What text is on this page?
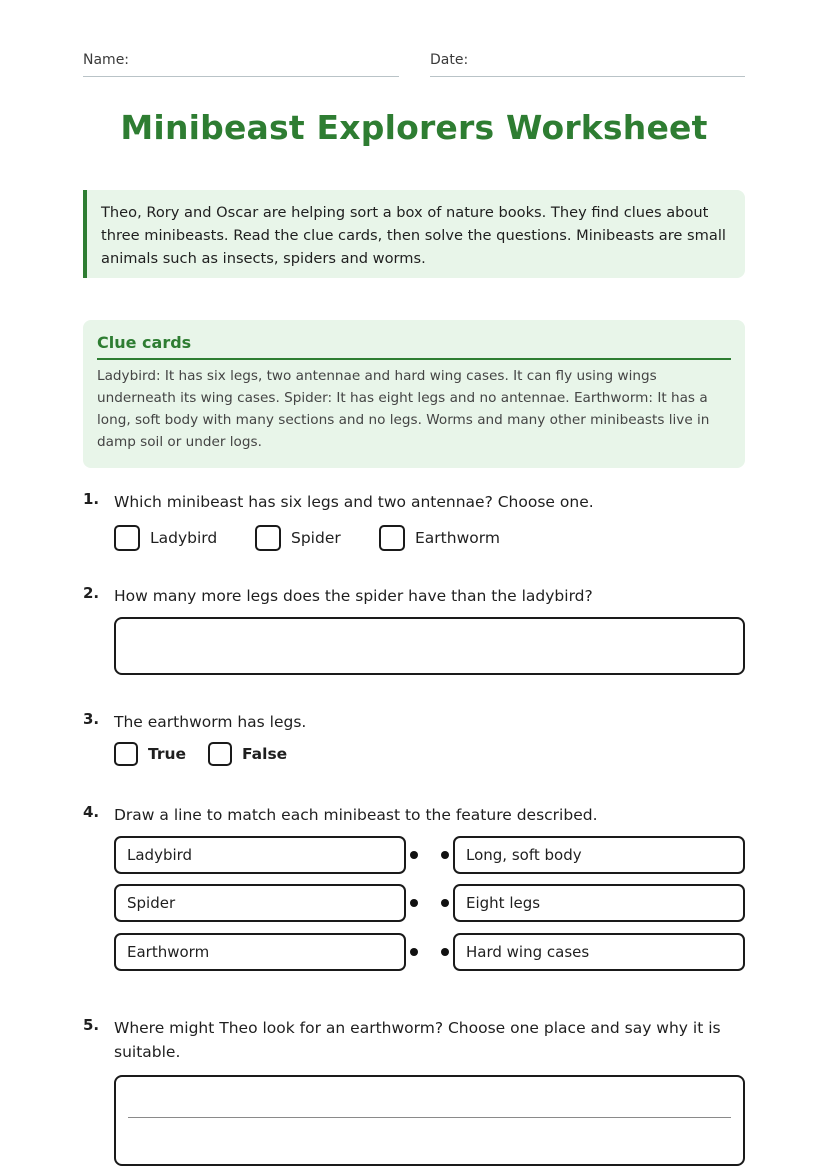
Name:	Date:
Minibeast Explorers Worksheet
Theo, Rory and Oscar are helping sort a box of nature books. They find clues about three minibeasts. Read the clue cards, then solve the questions. Minibeasts are small animals such as insects, spiders and worms.
Clue cards
Ladybird: It has six legs, two antennae and hard wing cases. It can fly using wings underneath its wing cases. Spider: It has eight legs and no antennae. Earthworm: It has a long, soft body with many sections and no legs. Worms and many other minibeasts live in damp soil or under logs.
1. Which minibeast has six legs and two antennae? Choose one.
Ladybird	Spider	Earthworm
2. How many more legs does the spider have than the ladybird?
3. The earthworm has legs.
True	False
4. Draw a line to match each minibeast to the feature described.
Ladybird
Spider
Earthworm
Long, soft body
Eight legs
Hard wing cases
5. Where might Theo look for an earthworm? Choose one place and say why it is suitable.
